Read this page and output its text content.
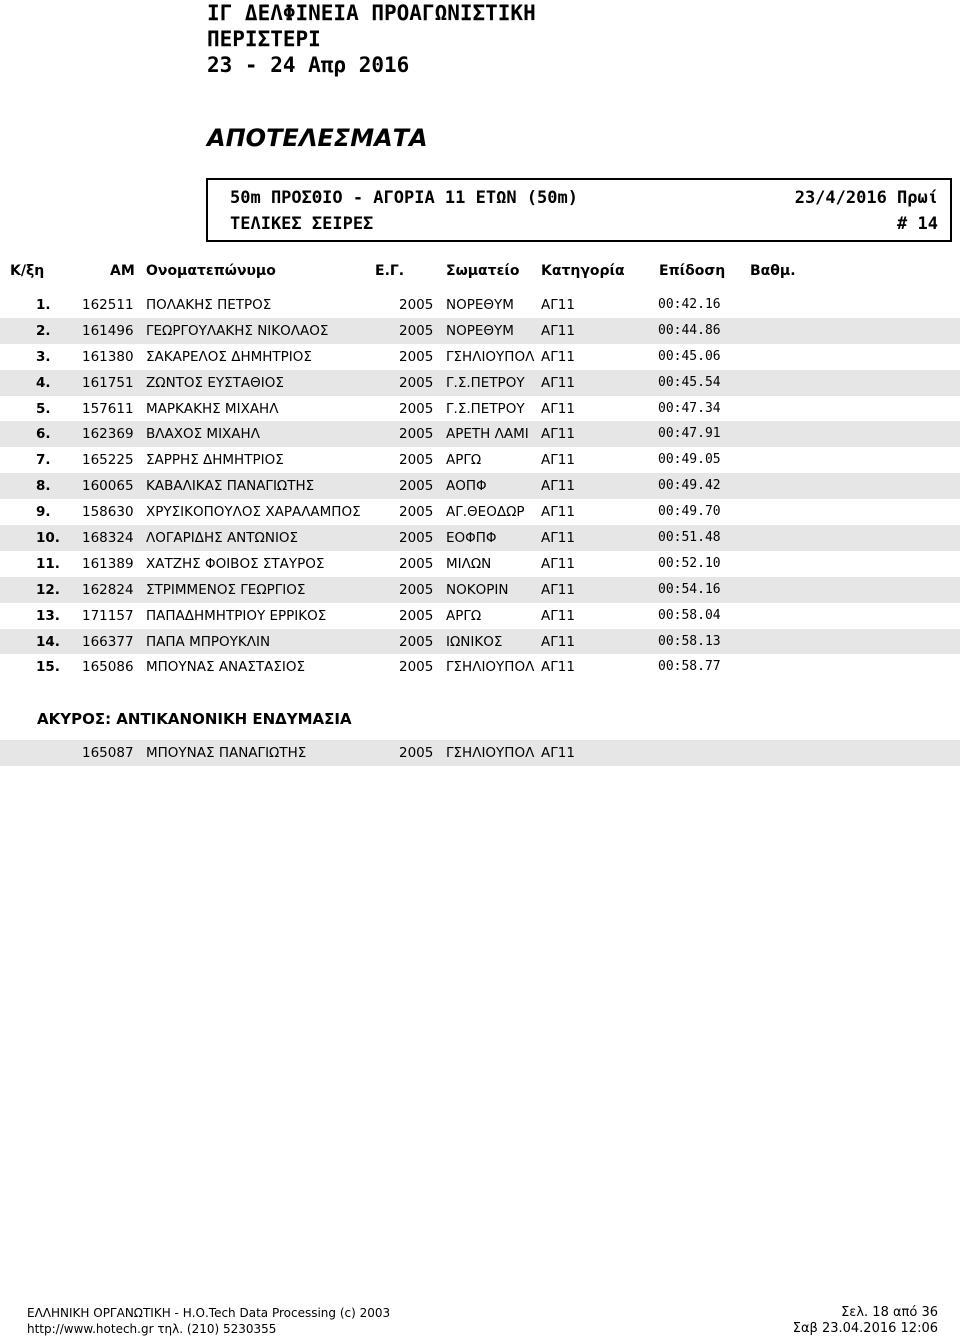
ΙΓ ΔΕΛΦΙΝΕΙΑ ΠΡΟΑΓΩΝΙΣΤΙΚΗ
ΠΕΡΙΣΤΕΡΙ
23 - 24 Απρ 2016
ΑΠΟΤΕΛΕΣΜΑΤΑ
50m ΠΡΟΣΘΙΟ - ΑΓΟΡΙΑ 11 ΕΤΩΝ (50m)	23/4/2016 Πρωί
ΤΕΛΙΚΕΣ ΣΕΙΡΕΣ	# 14
Κ/ξη	ΑΜ Ονοματεπώνυμο	Ε.Γ.	Σωματείο Κατηγορία Επίδοση Βαθμ.
1. 162511 ΠΟΛΑΚΗΣ ΠΕΤΡΟΣ	2005 ΝΟΡΕΘΥΜ ΑΓ11	00:42.16
2. 161496 ΓΕΩΡΓΟΥΛΑΚΗΣ ΝΙΚΟΛΑΟΣ	2005 ΝΟΡΕΘΥΜ ΑΓ11	00:44.86
3. 161380 ΣΑΚΑΡΕΛΟΣ ΔΗΜΗΤΡΙΟΣ	2005 ΓΣΗΛΙΟΥΠΟΛ ΑΓ11	00:45.06
4. 161751 ΖΩΝΤΟΣ ΕΥΣΤΑΘΙΟΣ	2005 Γ.Σ.ΠΕΤΡΟΥ ΑΓ11	00:45.54
5. 157611 ΜΑΡΚΑΚΗΣ ΜΙΧΑΗΛ	2005 Γ.Σ.ΠΕΤΡΟΥ ΑΓ11	00:47.34
6. 162369 ΒΛΑΧΟΣ ΜΙΧΑΗΛ	2005 ΑΡΕΤΗ ΛΑΜΙ ΑΓ11	00:47.91
7. 165225 ΣΑΡΡΗΣ ΔΗΜΗΤΡΙΟΣ	2005 ΑΡΓΩ	ΑΓ11	00:49.05
8. 160065 ΚΑΒΑΛΙΚΑΣ ΠΑΝΑΓΙΩΤΗΣ	2005 ΑΟΠΦ	ΑΓ11	00:49.42
9. 158630 ΧΡΥΣΙΚΟΠΟΥΛΟΣ ΧΑΡΑΛΑΜΠΟΣ	2005 ΑΓ.ΘΕΟΔΩΡ ΑΓ11	00:49.70
10. 168324 ΛΟΓΑΡΙΔΗΣ ΑΝΤΩΝΙΟΣ	2005 ΕΟΦΠΦ	ΑΓ11	00:51.48
11. 161389 ΧΑΤΖΗΣ ΦΟΙΒΟΣ ΣΤΑΥΡΟΣ	2005 ΜΙΛΩΝ	ΑΓ11	00:52.10
12. 162824 ΣΤΡΙΜΜΕΝΟΣ ΓΕΩΡΓΙΟΣ	2005 ΝΟΚΟΡΙΝ ΑΓ11	00:54.16
13. 171157 ΠΑΠΑΔΗΜΗΤΡΙΟΥ ΕΡΡΙΚΟΣ	2005 ΑΡΓΩ	ΑΓ11	00:58.04
14. 166377 ΠΑΠΑ ΜΠΡΟΥΚΛΙΝ	2005 ΙΩΝΙΚΟΣ	ΑΓ11	00:58.13
15. 165086 ΜΠΟΥΝΑΣ ΑΝΑΣΤΑΣΙΟΣ	2005 ΓΣΗΛΙΟΥΠΟΛ ΑΓ11	00:58.77
ΑΚΥΡΟΣ: ΑΝΤΙΚΑΝΟΝΙΚΗ ΕΝΔΥΜΑΣΙΑ
165087 ΜΠΟΥΝΑΣ ΠΑΝΑΓΙΩΤΗΣ	2005 ΓΣΗΛΙΟΥΠΟΛ ΑΓ11
ΕΛΛΗΝΙΚΗ ΟΡΓΑΝΩΤΙΚΗ - Η.Ο.Tech Data Processing (c) 2003
http://www.hotech.gr τηλ. (210) 5230355
Σελ. 18 από 36
Σαβ 23.04.2016 12:06
